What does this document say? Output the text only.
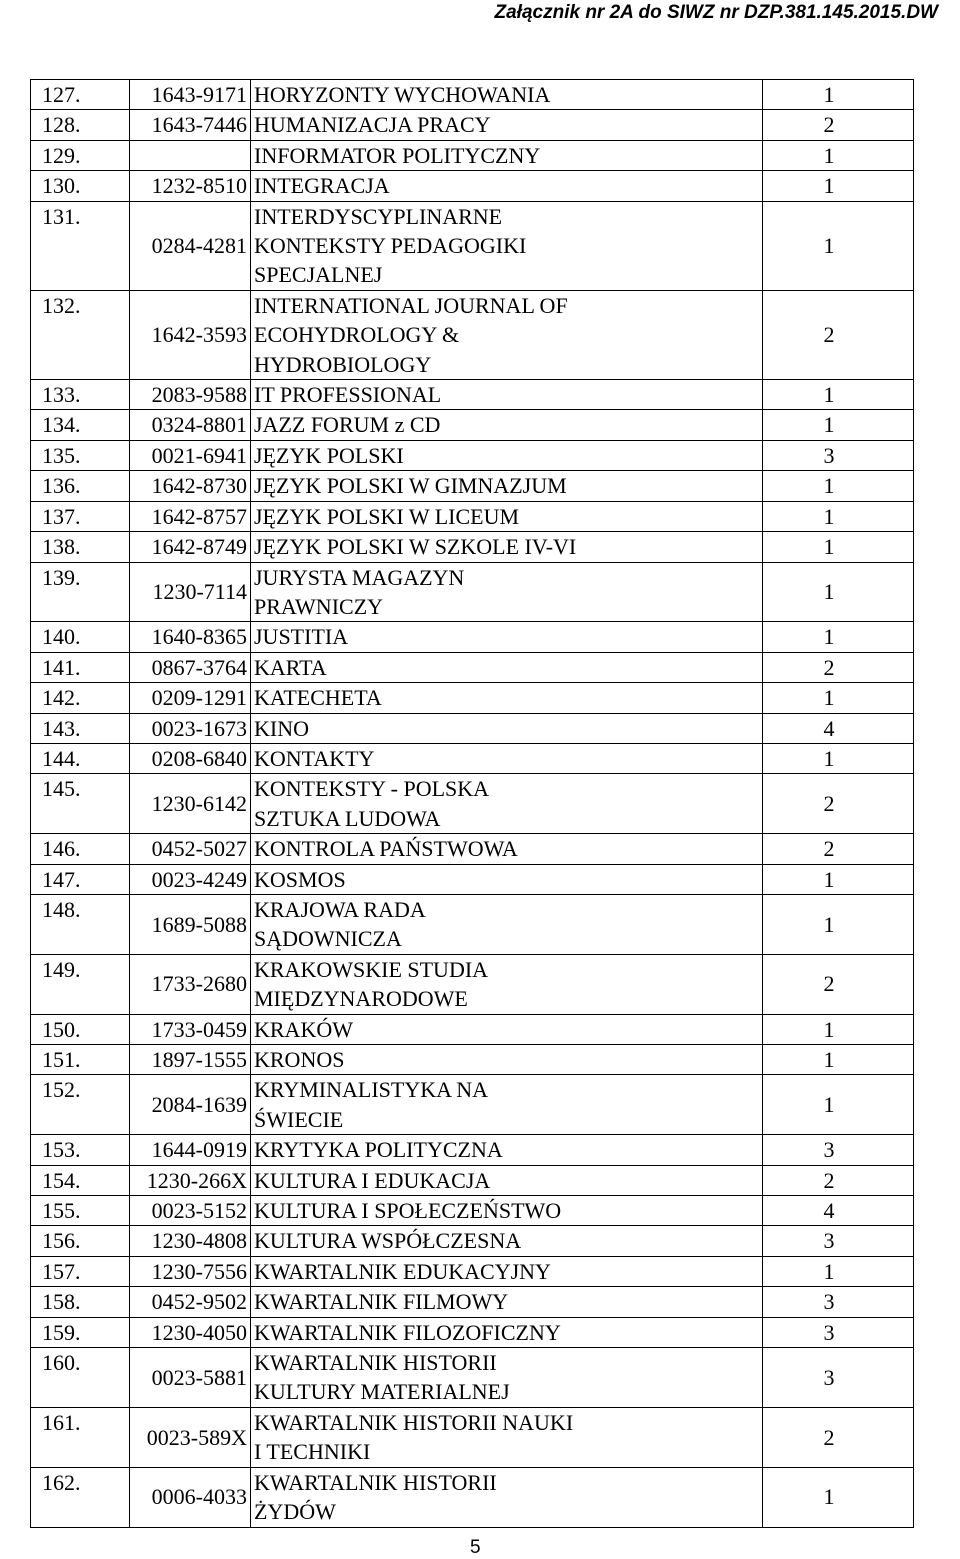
Załącznik nr 2A do SIWZ nr DZP.381.145.2015.DW
127.	1643-9171	HORYZONTY WYCHOWANIA	1
128.	1643-7446	HUMANIZACJA PRACY	2
129.		INFORMATOR POLITYCZNY	1
130.	1232-8510	INTEGRACJA	1
131.	0284-4281	INTERDYSCYPLINARNE
KONTEKSTY PEDAGOGIKI
SPECJALNEJ	1
132.	1642-3593	INTERNATIONAL JOURNAL OF
ECOHYDROLOGY &
HYDROBIOLOGY	2
133.	2083-9588	IT PROFESSIONAL	1
134.	0324-8801	JAZZ FORUM z CD	1
135.	0021-6941	JĘZYK POLSKI	3
136.	1642-8730	JĘZYK POLSKI W GIMNAZJUM	1
137.	1642-8757	JĘZYK POLSKI W LICEUM	1
138.	1642-8749	JĘZYK POLSKI W SZKOLE IV-VI	1
139.	1230-7114	JURYSTA MAGAZYN
PRAWNICZY	1
140.	1640-8365	JUSTITIA	1
141.	0867-3764	KARTA	2
142.	0209-1291	KATECHETA	1
143.	0023-1673	KINO	4
144.	0208-6840	KONTAKTY	1
145.	1230-6142	KONTEKSTY - POLSKA
SZTUKA LUDOWA	2
146.	0452-5027	KONTROLA PAŃSTWOWA	2
147.	0023-4249	KOSMOS	1
148.	1689-5088	KRAJOWA RADA
SĄDOWNICZA	1
149.	1733-2680	KRAKOWSKIE STUDIA
MIĘDZYNARODOWE	2
150.	1733-0459	KRAKÓW	1
151.	1897-1555	KRONOS	1
152.	2084-1639	KRYMINALISTYKA NA
ŚWIECIE	1
153.	1644-0919	KRYTYKA POLITYCZNA	3
154.	1230-266X	KULTURA I EDUKACJA	2
155.	0023-5152	KULTURA I SPOŁECZEŃSTWO	4
156.	1230-4808	KULTURA WSPÓŁCZESNA	3
157.	1230-7556	KWARTALNIK EDUKACYJNY	1
158.	0452-9502	KWARTALNIK FILMOWY	3
159.	1230-4050	KWARTALNIK FILOZOFICZNY	3
160.	0023-5881	KWARTALNIK HISTORII
KULTURY MATERIALNEJ	3
161.	0023-589X	KWARTALNIK HISTORII NAUKI
I TECHNIKI	2
162.	0006-4033	KWARTALNIK HISTORII
ŻYDÓW	1
5
